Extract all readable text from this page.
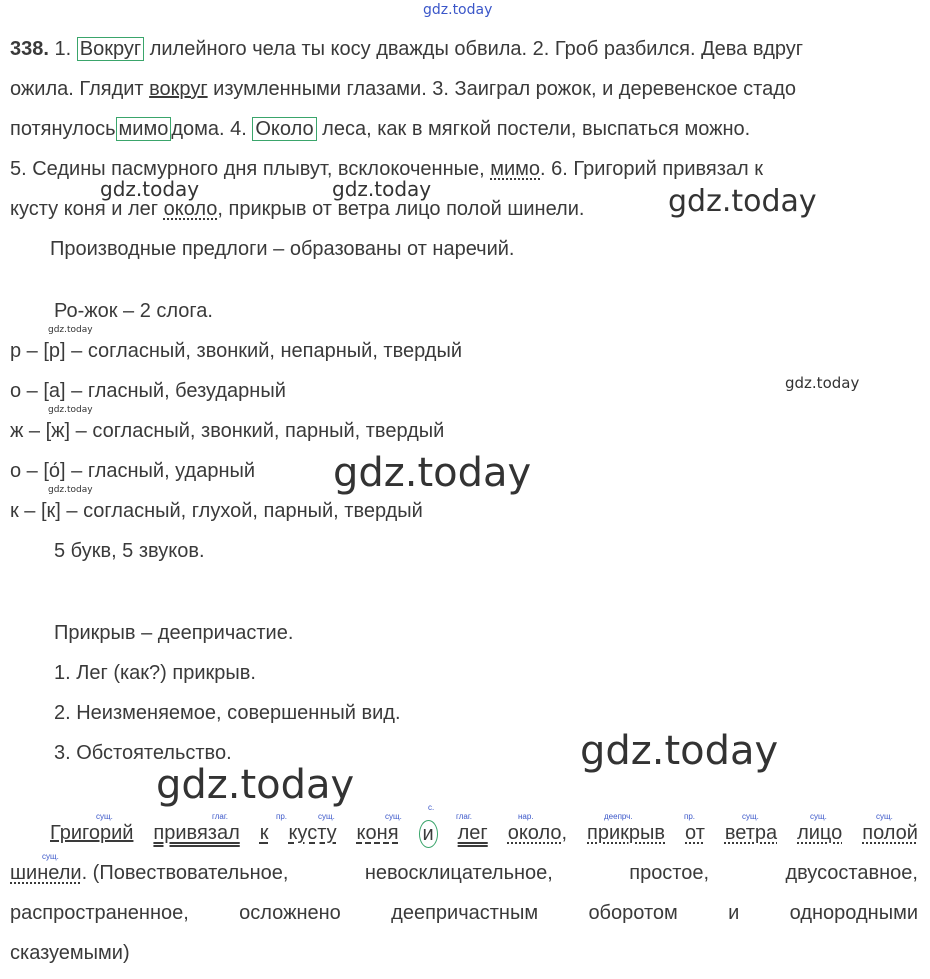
gdz.today
338. 1. Вокруг лилейного чела ты косу дважды обвила. 2. Гроб разбился. Дева вдруг
ожила. Глядит вокруг изумленными глазами. 3. Заиграл рожок, и деревенское стадо
потянулось мимо дома. 4. Около леса, как в мягкой постели, выспаться можно.
5. Седины пасмурного дня плывут, всклокоченные, мимо. 6. Григорий привязал к
кусту коня и лег около, прикрыв от ветра лицо полой шинели.
gdz.today	gdz.today	gdz.today
Производные предлоги – образованы от наречий.
Ро-жок – 2 слога.
gdz.today
р – [р] – согласный, звонкий, непарный, твердый
о – [а] – гласный, безударный	gdz.today
gdz.today
ж – [ж] – согласный, звонкий, парный, твердый
о – [о́] – гласный, ударный gdz.today
gdz.today
к – [к] – согласный, глухой, парный, твердый
5 букв, 5 звуков.
Прикрыв – деепричастие.
1. Лег (как?) прикрыв.
2. Неизменяемое, совершенный вид.
3. Обстоятельство.	gdz.today
gdz.today
сущ.	глаг.	пр.	сущ.	сущ.
с.
глаг.	нар.	деепрч.	пр.	сущ.	сущ.	сущ.
Григорий привязал к кусту коня и лег около, прикрыв от ветра лицо полой
сущ.
шинели. (Повествовательное,	невосклицательное,	простое,	двусоставное,
распространенное,	осложнено	деепричастным	оборотом	и	однородными
сказуемыми)
